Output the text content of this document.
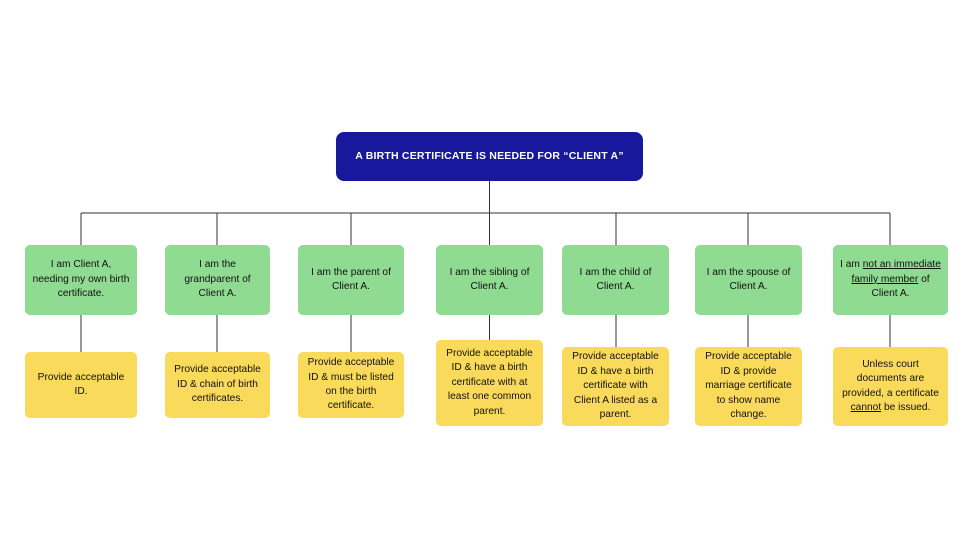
A BIRTH CERTIFICATE IS NEEDED FOR “CLIENT A”
I am Client A, needing my own birth certificate.
Provide acceptable ID.
I am the grandparent of Client A.
Provide acceptable ID & chain of birth certificates.
I am the parent of Client A.
Provide acceptable ID & must be listed on the birth certificate.
I am the sibling of Client A.
Provide acceptable ID & have a birth certificate with at least one common parent.
I am the child of Client A.
Provide acceptable ID & have a birth certificate with Client A listed as a parent.
I am the spouse of Client A.
Provide acceptable ID & provide marriage certificate to show name change.
I am not an immediate family member of Client A.
Unless court documents are provided, a certificate cannot be issued.
